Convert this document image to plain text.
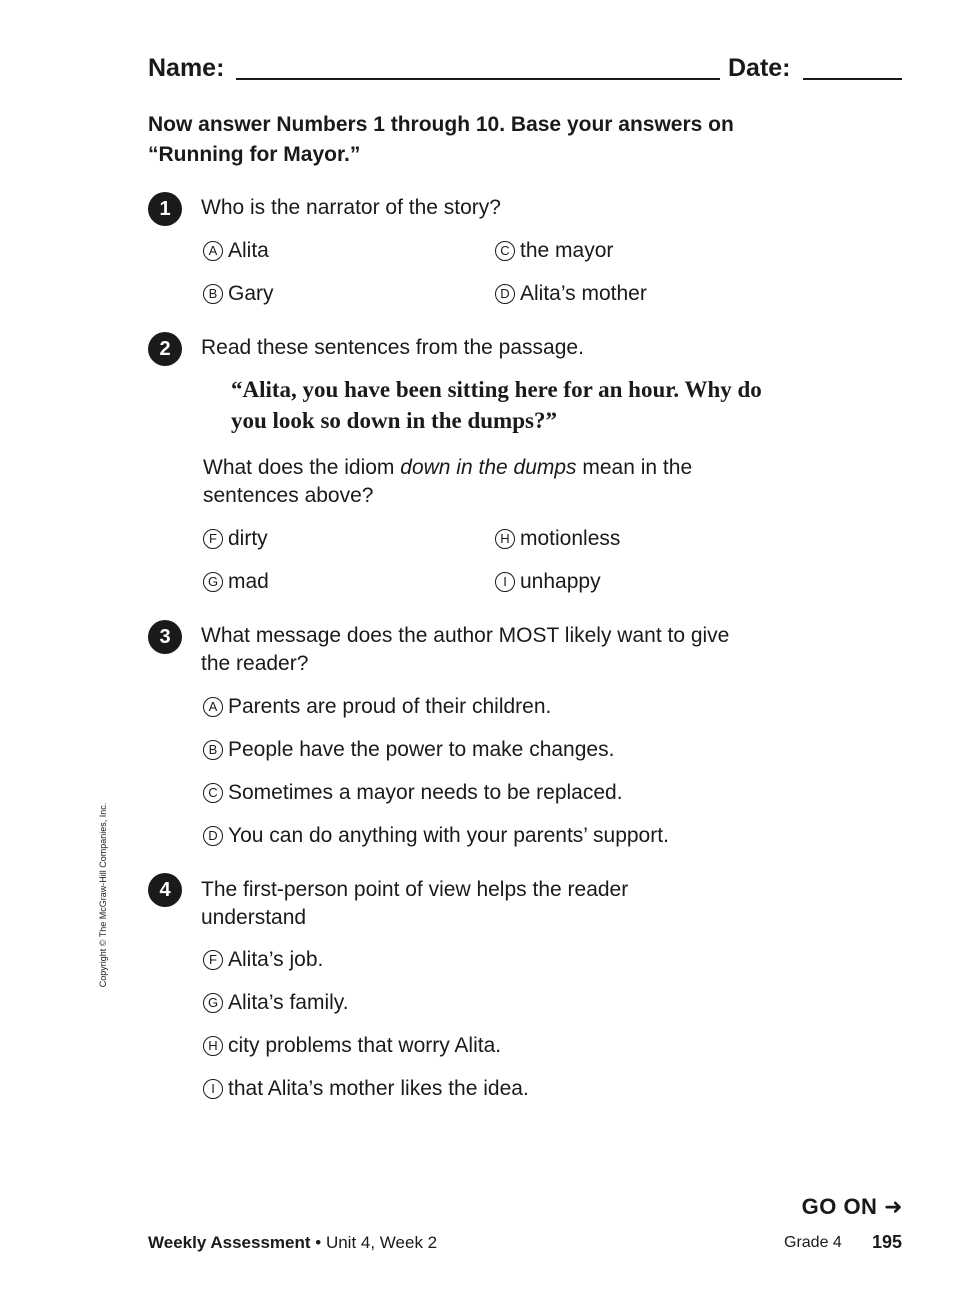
Name:	Date:
Now answer Numbers 1 through 10. Base your answers on “Running for Mayor.”
1	Who is the narrator of the story?
A Alita
B Gary
C the mayor
D Alita’s mother
2	Read these sentences from the passage.
“Alita, you have been sitting here for an hour. Why do you look so down in the dumps?”
What does the idiom down in the dumps mean in the sentences above?
F dirty
G mad
H motionless
I unhappy
3	What message does the author MOST likely want to give the reader?
A Parents are proud of their children.
B People have the power to make changes.
C Sometimes a mayor needs to be replaced.
D You can do anything with your parents’ support.
4	The first-person point of view helps the reader understand
F Alita’s job.
G Alita’s family.
H city problems that worry Alita.
I that Alita’s mother likes the idea.
Copyright © The McGraw-Hill Companies, Inc.
GO ON ➜
Weekly Assessment • Unit 4, Week 2	Grade 4 195
